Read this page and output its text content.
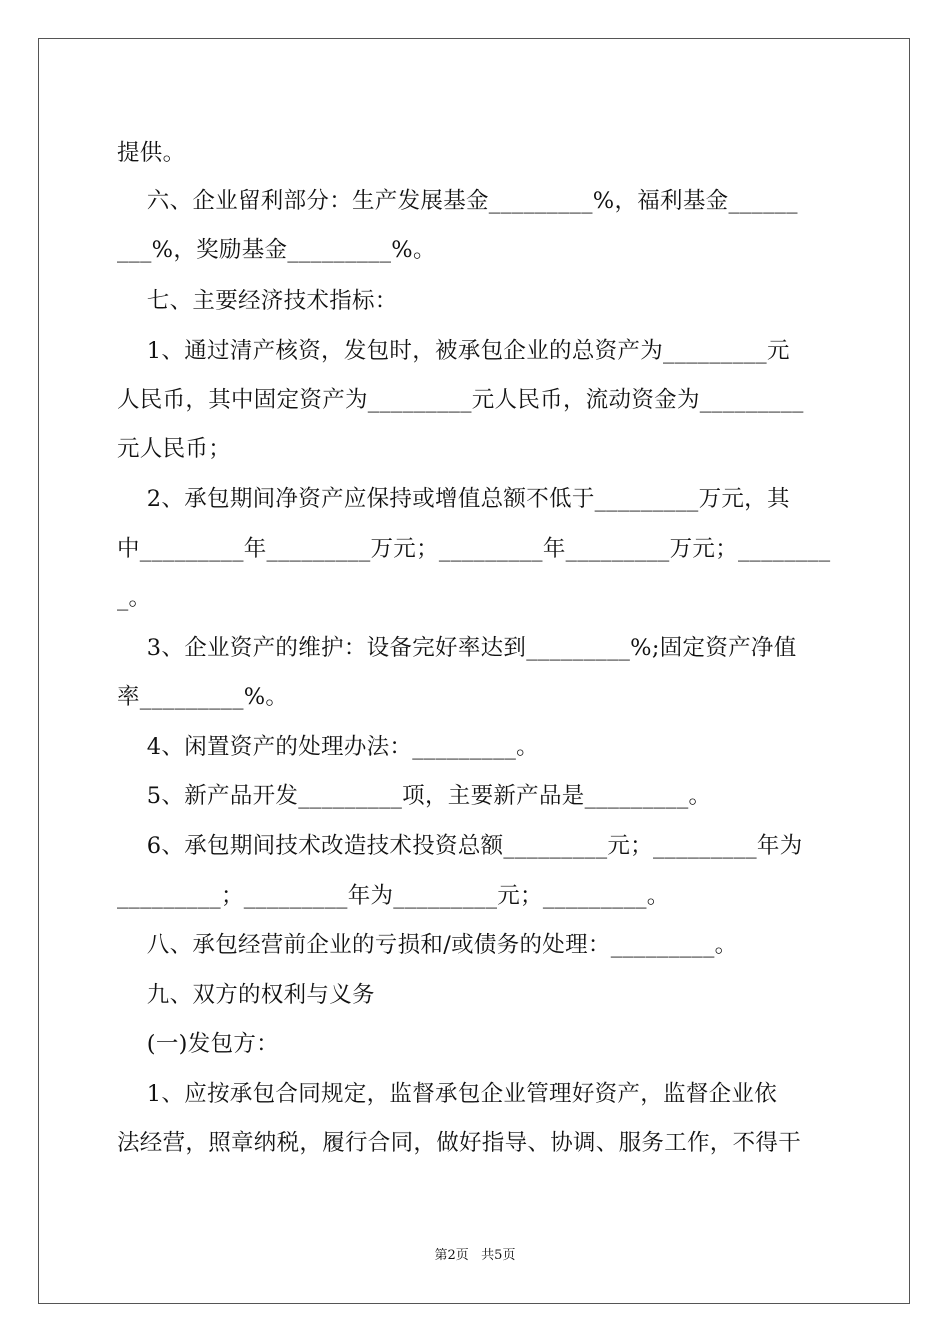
提供。
六、企业留利部分：生产发展基金_________%，福利基金______
___%，奖励基金_________%。
七、主要经济技术指标：
1、通过清产核资，发包时，被承包企业的总资产为_________元
人民币，其中固定资产为_________元人民币，流动资金为_________
元人民币；
2、承包期间净资产应保持或增值总额不低于_________万元，其
中_________年_________万元；_________年_________万元；________
_。
3、企业资产的维护：设备完好率达到_________%;固定资产净值
率_________%。
4、闲置资产的处理办法：_________。
5、新产品开发_________项，主要新产品是_________。
6、承包期间技术改造技术投资总额_________元；_________年为
_________；_________年为_________元；_________。
八、承包经营前企业的亏损和/或债务的处理：_________。
九、双方的权利与义务
(一)发包方：
1、应按承包合同规定，监督承包企业管理好资产，监督企业依
法经营，照章纳税，履行合同，做好指导、协调、服务工作，不得干
第2页   共5页
